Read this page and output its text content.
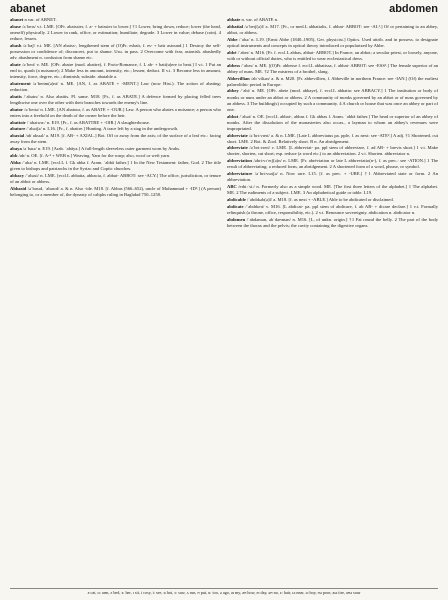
abanet	abdomen

abanet n var. of ABNET.

abase /əˈbeɪs/ v.t. LME. [OFr. abaissier, f. a- + baissier to lower.] †1 Lower, bring down, reduce; lower (the head, oneself) physically. 2 Lower in rank, office, or estimation; humiliate, degrade. 3 Lower in value; debase (coin). 4 reduce, lessen.

abash /əˈbaʃ/ v.t. ME. [AN abaiss-, lengthened stem of (O)Fr. esbaïr, f. es- + baïr astound.] 1 Destroy the self-possession or confidence of; disconcert, put to shame. Usu. in pass. 2 Overcome with fear, astonish. abashedly adv. abashment n. confusion from shame etc.

abate /əˈbeɪt/ v. ME. [OFr. abatre (mod. abattre), f. Proto-Romance, f. L ab- + batt(u)ere to beat.] I v.t. 1 Put an end to, quash (a nuisance); 2 Make less in amount, intensity, etc.; lessen; deduct. II v.i. 3 Become less in amount, intensity, force, degree, etc.; diminish; subside. abatable a.

abatement /əˈbeɪtm(ə)nt/ n. ME. [AN, f. as ABATE + -MENT.] Law (now Hist.). The action of abating; reduction.

abatis /ˈabətɪs/ n. Also abattis. Pl. same. M18. [Fr., f. as ABATE.] A defence formed by placing felled trees lengthwise one over the other with their branches towards the enemy's line.

abator /əˈbeɪtə/ n. LME. [AN abatour, f. as ABATE + -OUR.] Law. A person who abates a nuisance; a person who enters into a freehold on the death of the owner before the heir.

abattoir /ˈabətwɑː/ n. E19. [Fr., f. as ABATTRE + -OIR.] A slaughterhouse.

abature /ˈabətʃə/ n. L16. [Fr., f. abattre.] Hunting. A trace left by a stag in the undergrowth.

abaxial /abˈaksɪəl/ a. M19. [f. AB- + AXIAL.] Bot. Off or away from the axis; of the surface of a leaf etc.: facing away from the stem.

abaya /əˈbaɪə/ n. E19. [Arab. ʿabāya.] A full-length sleeveless outer garment worn by Arabs.

abb /ab/ n. OE. [f. A-² + WEB n.] Weaving. Yarn for the warp; also, woof or weft yarn.

Abba /ˈabə/ n. LME. [eccl.L f. Gk abba f. Aram. ʾabbā father.] 1 In the New Testament: father, God. 2 The title given to bishops and patriarchs in the Syriac and Coptic churches.

abbacy /ˈabəsi/ n. LME. [eccl.L abbatia, abbacia, f. abbat- ABBOT: see -ACY.] The office, jurisdiction, or tenure of an abbot or abbess.

Abbasid /əˈbasɪd, ˈabəsɪd/ a. & n. Also -ide. M18. [f. Abbas (566–652), uncle of Muhammad + -ID³.] (A person) belonging to, or a member of, the dynasty of caliphs ruling in Baghdad 750–1258.

abbate n. var. of ABATE n.

abbatial /əˈbeɪʃ(ə)l/ a. M17. [Fr., or med.L abbatialis, f. abbat- ABBOT: see -AL¹.] Of or pertaining to an abbey, abbot, or abbess.

Abbe /ˈabə/ n. L19. [Ernst Abbe (1840–1905), Ger. physicist.] Optics. Used attrib. and in possess. to designate optical instruments and concepts in optical theory introduced or popularized by Abbe.

abbé /ˈabeɪ/ n. M16. [Fr. f. eccl.L abbas, abbat- ABBOT.] In France, an abbot; a secular priest, or loosely, anyone, with or without official duties, who is entitled to wear ecclesiastical dress.

abbess /ˈabɛs/ n. ME. [(O)Fr. abbesse f. eccl.L abbatissa, f. abbat- ABBOT: see -ESS¹.] The female superior of an abbey of nuns. ME. †2 The mistress of a brothel, slang.

Abbevillian /abˈviliən/ a. & n. M20. [Fr. abbevillien, f. Abbeville in northern France: see -IAN.] (Of) the earliest palaeolithic period in Europe.

abbey /ˈabi/ n. ME. [OFr. abeie (mod. abbaye), f. eccl.L abbatia: see ABBACY.] 1 The institution or body of monks or nuns under an abbot or abbess. 2 A community of monks governed by an abbot or of nuns governed by an abbess. 3 The building(s) occupied by such a community. 4 A church or house that was once an abbey or part of one.

abbot /ˈabət/ n. OE. [eccl.L abbat-, abbas f. Gk abbas f. Aram. ʾabbā father.] The head or superior of an abbey of monks. After the dissolution of the monasteries also occas., a layman to whom an abbey's revenues were impropriated.

abbreviate /əˈbriːvɪeɪt/ a. & n. LME. [Late L abbreviatus pa. pple, f. as next: see -ATE².] A adj. †1 Shortened, cut short. LME. 2 Bot. & Zool. Relatively short. B n. An abridgement.

abbreviate /əˈbriːvɪeɪt/ v. LME. [L abbreviat- pa. ppl stem of abbreviare, f. ad AB- + brevis short.] 1 v.t. Make shorter, shorten, cut short; esp. reduce (a word etc.) to an abbreviation. 2 v.i. Shorten. abbreviator n.

abbreviation /əbriːvɪˈeɪʃ(ə)n/ n. LME. [Fr. abréviation or late L abbreviatio(n-), f. as prec.: see -ATION.] 1 The result of abbreviating; a reduced form, an abridgement. 2 A shortened form of a word, phrase, or symbol.

abbreviature /əˈbriːvɪətʃə/ n. Now rare. L15. [f. as prec. + -URE.] †1 Abbreviated state or form. 2 An abbreviation.

ABC /eɪbiːˈsiː/ n. Formerly also as a simple word. ME. [The first three letters of the alphabet.] 1 The alphabet. ME. 2 The rudiments of a subject. LME. 3 An alphabetical guide or table. L19.

abdicable /ˈabdɪkəb(ə)l/ a. M18. [f. as next + -ABLE.] Able to be abdicated or disclaimed.

abdicate /ˈabdɪkeɪt/ v. M16. [L abdicat- pa. ppl stem of abdicare, f. ab AB- + dicare declare.] 1 v.t. Formally relinquish (a throne, office, responsibility, etc.). 2 v.i. Renounce sovereignty. abdication n. abdicator n.

abdomen /ˈabdəmən, əbˈdəʊmən/ n. M16. [L, of unkn. origin.] †1 Fat round the belly. 2 The part of the body between the thorax and the pelvis; the cavity containing the digestive organs.

a cat, ɑː arm, ɛ bed, ɜː her, ɪ sit, i cosy, iː see, ɒ hot, ɔː saw, ʌ run, ʊ put, uː too, ə ago, aɪ my, aʊ how, eɪ day, əʊ no, ɛː hair, ɪə near, ɔɪ boy, ʊə poor, aɪə tire, aʊə sour
